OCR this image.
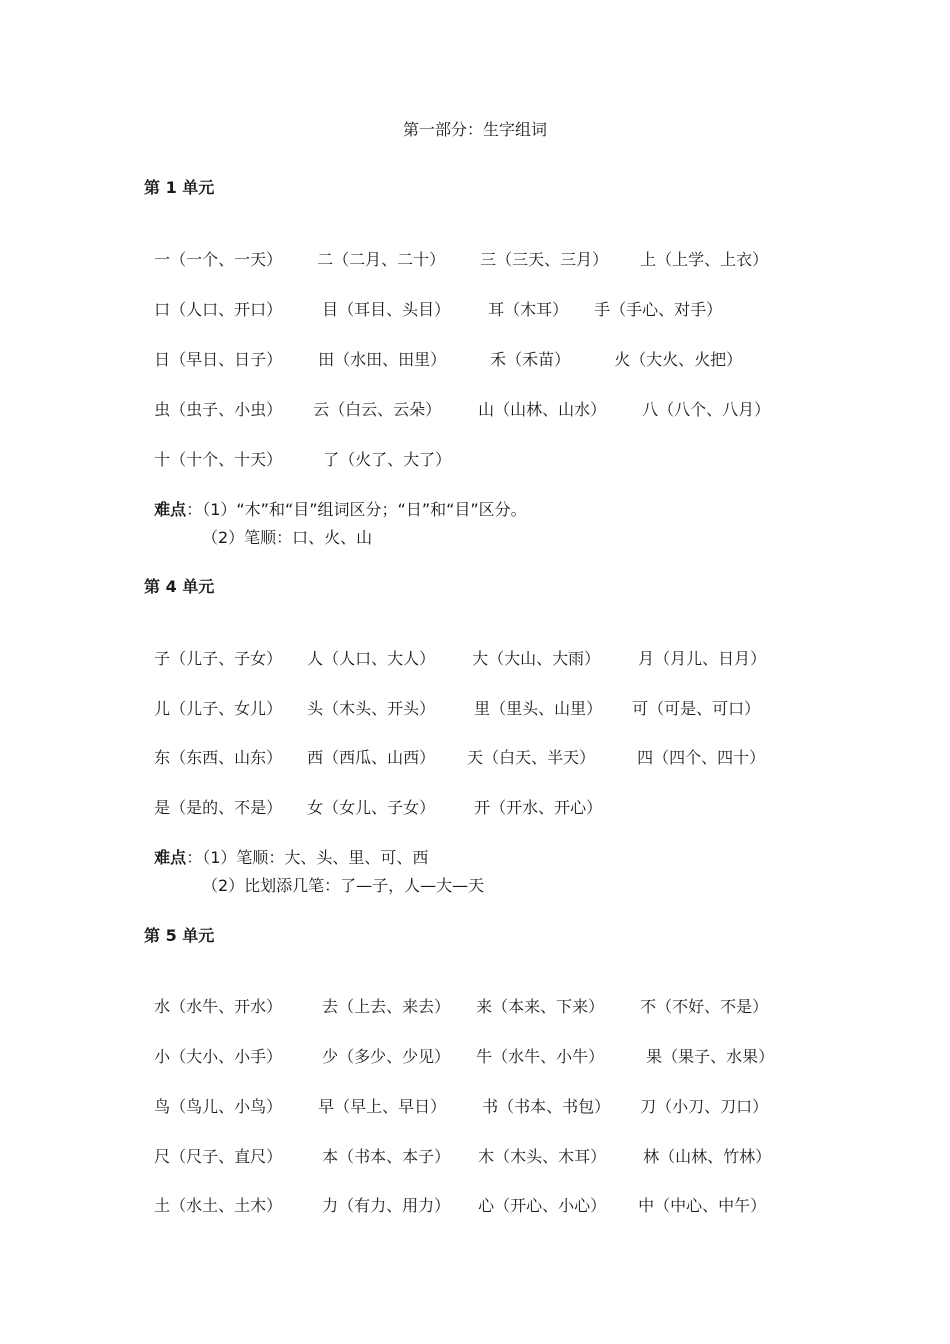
第一部分：生字组词
第 1 单元

一（一个、一天） 二（二月、二十） 三（三天、三月） 上（上学、上衣）

口（人口、开口） 目（耳目、头目） 耳（木耳） 手（手心、对手）

日（早日、日子） 田（水田、田里）	禾（禾苗）	火（大火、火把）

虫（虫子、小虫） 云（白云、云朵） 山（山林、山水） 八（八个、八月）

十（十个、十天）	了（火了、大了）

难点：（1）“木”和“目”组词区分；“日”和“目”区分。

（2）笔顺：口、火、山
第 4 单元

子（儿子、子女） 人（人口、大人） 大（大山、大雨） 月（月儿、日月）

儿（儿子、女儿） 头（木头、开头） 里（里头、山里） 可（可是、可口）

东（东西、山东） 西（西瓜、山西） 天（白天、半天）	四（四个、四十）

是（是的、不是） 女（女儿、子女） 开（开水、开心）

难点：（1）笔顺：大、头、里、可、西

（2）比划添几笔：了—子，人—大—天
第 5 单元

水（水牛、开水） 去（上去、来去） 来（本来、下来） 不（不好、不是）

小（大小、小手） 少（多少、少见） 牛（水牛、小牛）	果（果子、水果）

鸟（鸟儿、小鸟） 早（早上、早日） 书（书本、书包） 刀（小刀、刀口）

尺（尺子、直尺） 本（书本、本子） 木（木头、木耳） 林（山林、竹林）

土（水土、土木） 力（有力、用力） 心（开心、小心） 中（中心、中午）
